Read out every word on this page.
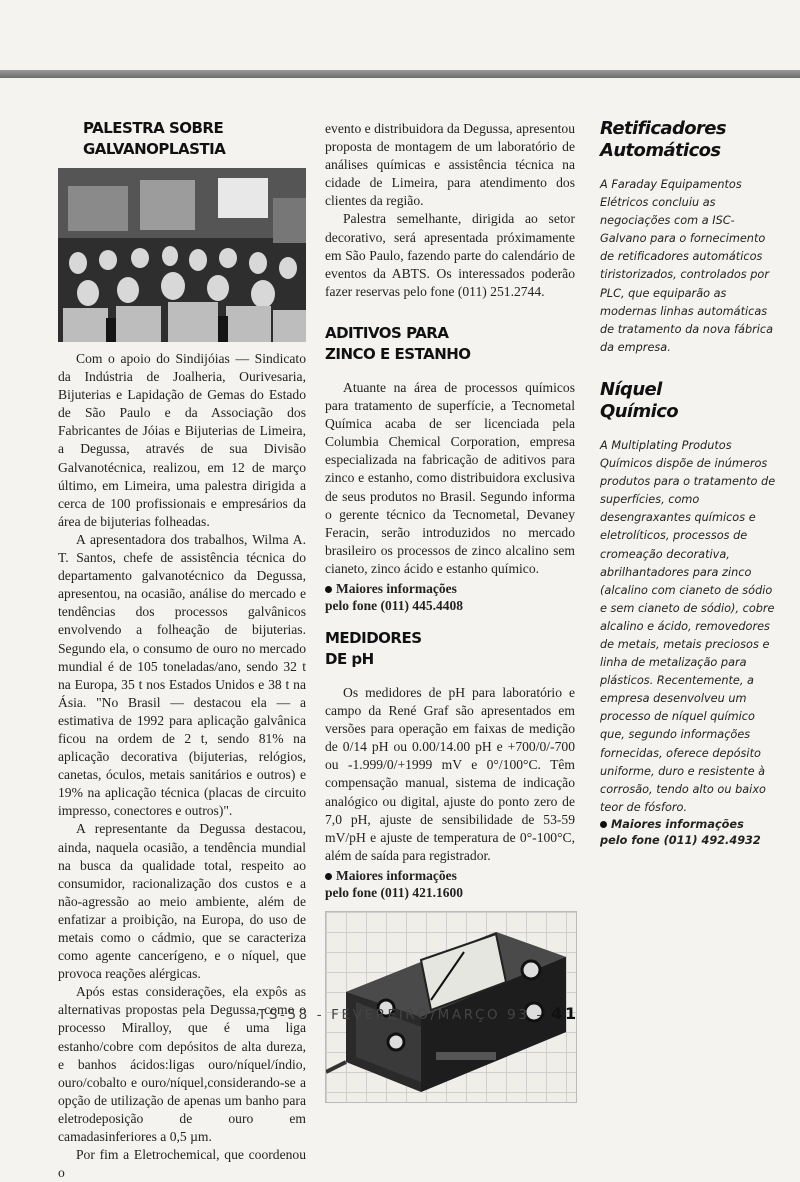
PALESTRA SOBRE
GALVANOPLASTIA

Com o apoio do Sindijóias — Sindicato da Indústria de Joalheria, Ourivesaria, Bijuterias e Lapidação de Gemas do Estado de São Paulo e da Associação dos Fabricantes de Jóias e Bijuterias de Limeira, a Degussa, através de sua Divisão Galvanotécnica, realizou, em 12 de março último, em Limeira, uma palestra dirigida a cerca de 100 profissionais e empresários da área de bijuterias folheadas.

A apresentadora dos trabalhos, Wilma A. T. Santos, chefe de assistência técnica do departamento galvanotécnico da Degussa, apresentou, na ocasião, análise do mercado e tendências dos processos galvânicos envolvendo a folheação de bijuterias. Segundo ela, o consumo de ouro no mercado mundial é de 105 toneladas/ano, sendo 32 t na Europa, 35 t nos Estados Unidos e 38 t na Ásia. "No Brasil — destacou ela — a estimativa de 1992 para aplicação galvânica ficou na ordem de 2 t, sendo 81% na aplicação decorativa (bijuterias, relógios, canetas, óculos, metais sanitários e outros) e 19% na aplicação técnica (placas de circuito impresso, conectores e outros)".

A representante da Degussa destacou, ainda, naquela ocasião, a tendência mundial na busca da qualidade total, respeito ao consumidor, racionalização dos custos e a não-agressão ao meio ambiente, além de enfatizar a proibição, na Europa, do uso de metais como o cádmio, que se caracteriza como agente cancerígeno, e o níquel, que provoca reações alérgicas.

Após estas considerações, ela expôs as alternativas propostas pela Degussa, como o processo Miralloy, que é uma liga estanho/cobre com depósitos de alta dureza, e banhos ácidos:ligas ouro/níquel/índio, ouro/cobalto e ouro/níquel,considerando-se a opção de utilização de apenas um banho para eletrodeposição de ouro em camadasinferiores a 0,5 µm.

Por fim a Eletrochemical, que coordenou o

evento e distribuidora da Degussa, apresentou proposta de montagem de um laboratório de análises químicas e assistência técnica na cidade de Limeira, para atendimento dos clientes da região.

Palestra semelhante, dirigida ao setor decorativo, será apresentada próximamente em São Paulo, fazendo parte do calendário de eventos da ABTS. Os interessados poderão fazer reservas pelo fone (011) 251.2744.

ADITIVOS PARA
ZINCO E ESTANHO

Atuante na área de processos químicos para tratamento de superfície, a Tecnometal Química acaba de ser licenciada pela Columbia Chemical Corporation, empresa especializada na fabricação de aditivos para zinco e estanho, como distribuidora exclusiva de seus produtos no Brasil. Segundo informa o gerente técnico da Tecnometal, Devaney Feracin, serão introduzidos no mercado brasileiro os processos de zinco alcalino sem cianeto, zinco ácido e estanho químico.

Maiores informações
pelo fone (011) 445.4408
MEDIDORES
DE pH

Os medidores de pH para laboratório e campo da René Graf são apresentados em versões para operação em faixas de medição de 0/14 pH ou 0.00/14.00 pH e +700/0/-700 ou -1.999/0/+1999 mV e 0°/100°C. Têm compensação manual, sistema de indicação analógico ou digital, ajuste do ponto zero de 7,0 pH, ajuste de sensibilidade de 53-59 mV/pH e ajuste de temperatura de 0°-100°C, além de saída para registrador.

Maiores informações
pelo fone (011) 421.1600
Retificadores
Automáticos

A Faraday Equipamentos Elétricos concluiu as negociações com a ISC-Galvano para o fornecimento de retificadores automáticos tiristorizados, controlados por PLC, que equiparão as modernas linhas automáticas de tratamento da nova fábrica da empresa.

Níquel
Químico

A Multiplating Produtos Químicos dispõe de inúmeros produtos para o tratamento de superfícies, como desengraxantes químicos e eletrolíticos, processos de cromeação decorativa, abrilhantadores para zinco (alcalino com cianeto de sódio e sem cianeto de sódio), cobre alcalino e ácido, removedores de metais, metais preciosos e linha de metalização para plásticos. Recentemente, a empresa desenvolveu um processo de níquel químico que, segundo informações fornecidas, oferece depósito uniforme, duro e resistente à corrosão, tendo alto ou baixo teor de fósforo.

Maiores informações
pelo fone (011) 492.4932
TS-58 - FEVEREIRO/MARÇO 93 - 41
